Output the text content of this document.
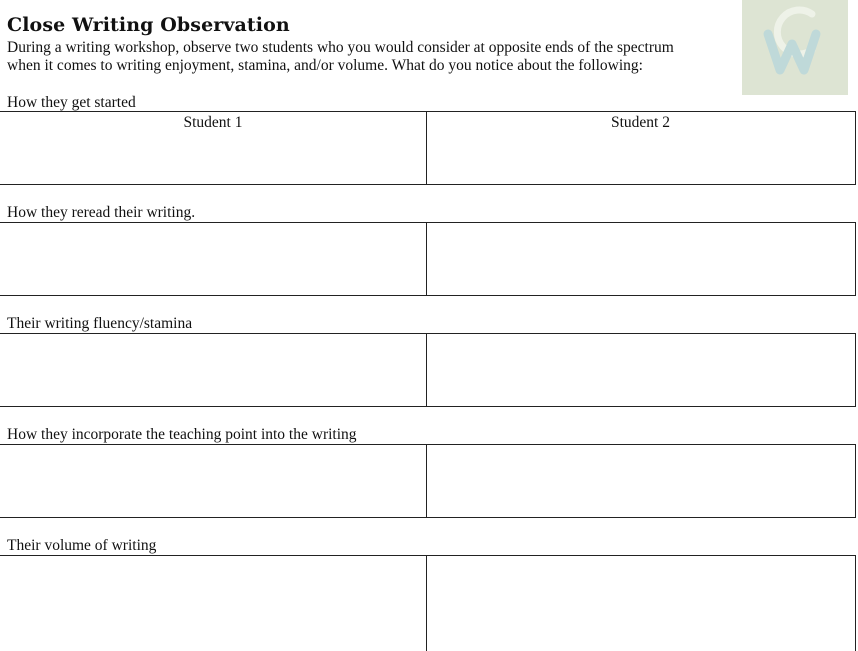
Close Writing Observation
During a writing workshop, observe two students who you would consider at opposite ends of the spectrum
when it comes to writing enjoyment, stamina, and/or volume. What do you notice about the following:
How they get started
Student 1	Student 2
How they reread their writing.
Their writing fluency/stamina
How they incorporate the teaching point into the writing
Their volume of writing
